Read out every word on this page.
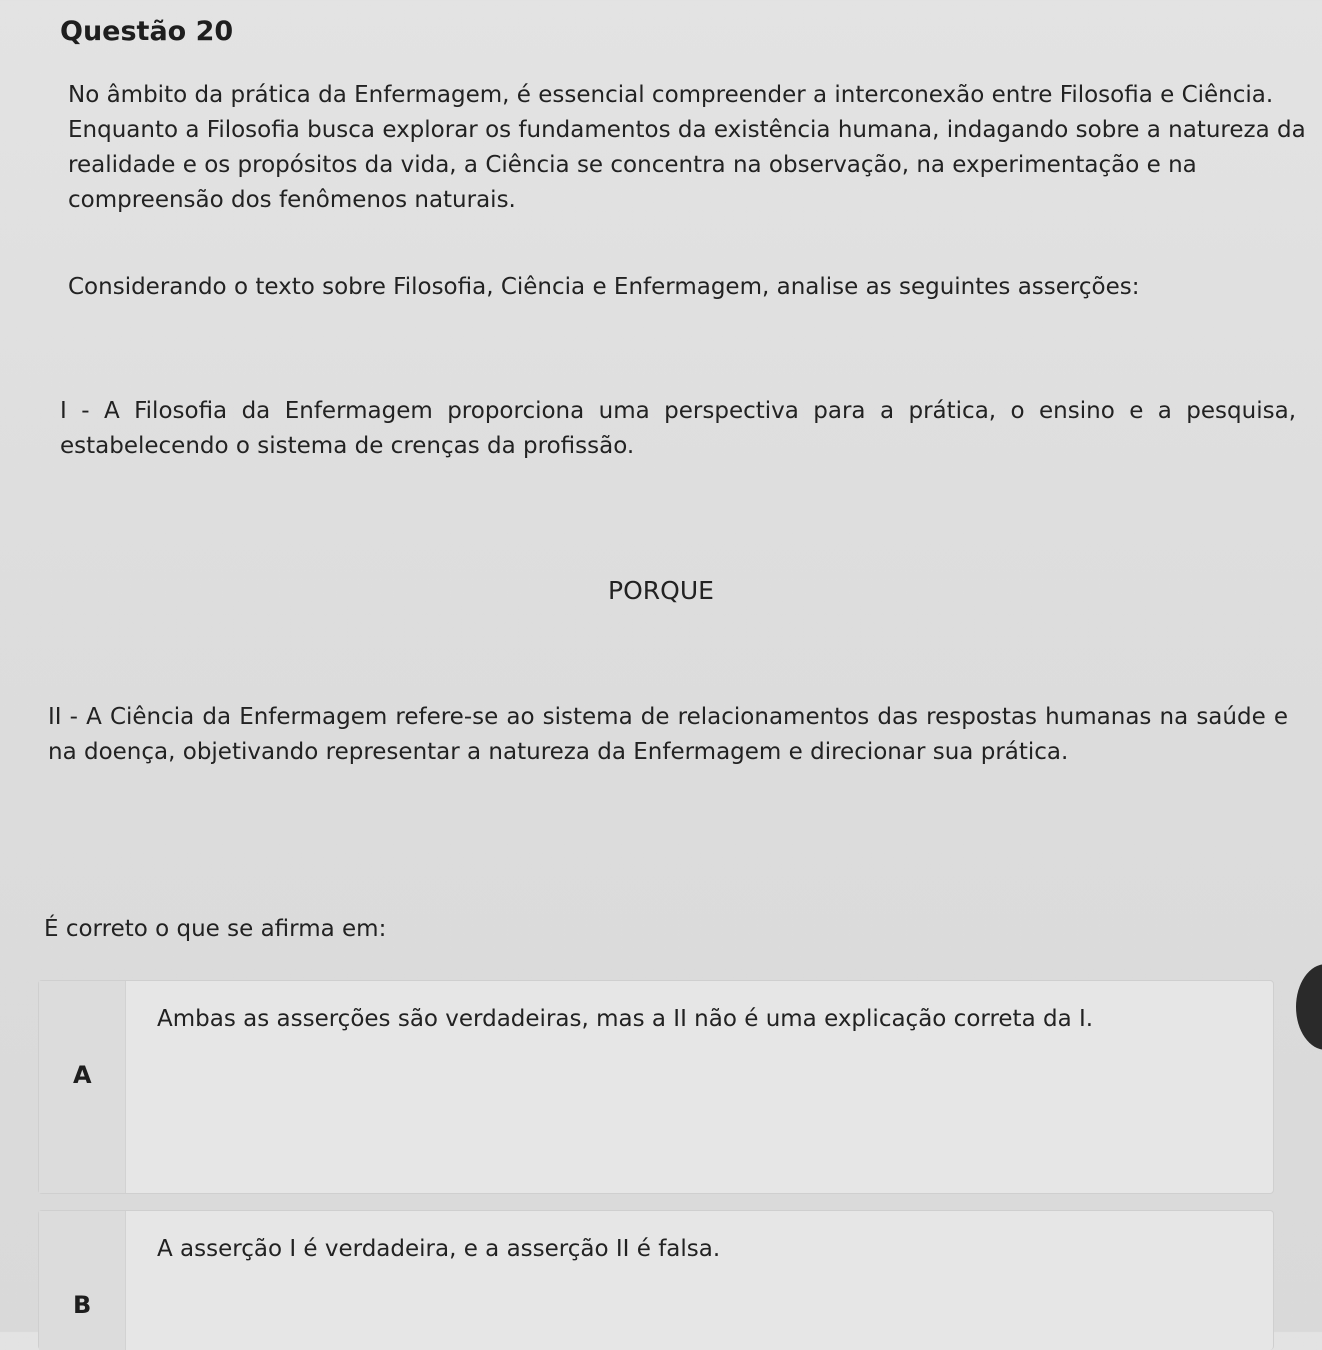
Questão 20
No âmbito da prática da Enfermagem, é essencial compreender a interconexão entre Filosofia e Ciência. Enquanto a Filosofia busca explorar os fundamentos da existência humana, indagando sobre a natureza da realidade e os propósitos da vida, a Ciência se concentra na observação, na experimentação e na compreensão dos fenômenos naturais.
Considerando o texto sobre Filosofia, Ciência e Enfermagem, analise as seguintes asserções:
I - A Filosofia da Enfermagem proporciona uma perspectiva para a prática, o ensino e a pesquisa, estabelecendo o sistema de crenças da profissão.
PORQUE
II - A Ciência da Enfermagem refere-se ao sistema de relacionamentos das respostas humanas na saúde e na doença, objetivando representar a natureza da Enfermagem e direcionar sua prática.
É correto o que se afirma em:
A
Ambas as asserções são verdadeiras, mas a II não é uma explicação correta da I.
B
A asserção I é verdadeira, e a asserção II é falsa.
